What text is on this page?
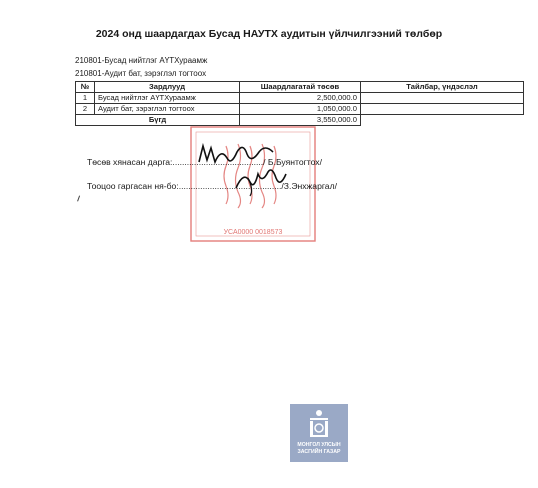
2024 онд шаардагдах Бусад НАУТХ аудитын үйлчилгээний төлбөр
210801-Бусад нийтлэг АҮТХураамж
210801-Аудит бат, зэрэглэл тогтоох
№	Зардлууд	Шаардлагатай төсөв	Тайлбар, үндэслэл
1	Бусад нийтлэг АҮТХураамж	2,500,000.0	
2	Аудит бат, зэрэглэл тогтоох	1,050,000.0	
Бүгд		3,550,000.0	
УСА0000 0018573
Төсөв хянасан дарга:....................................../ Б.Буянтогтох/
Тооцоо гаргасан ня-бо:.........................................../З.Энхжаргал/
МОНГОЛ УЛСЫН
ЗАСГИЙН ГАЗАР
